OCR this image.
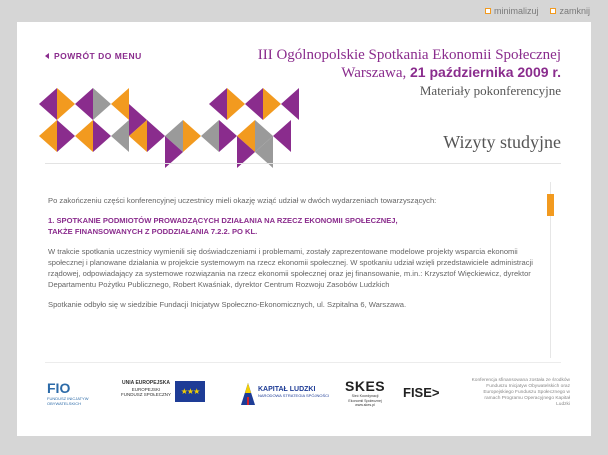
minimalizuj zamknij
POWRÓT DO MENU	III Ogólnopolskie Spotkania Ekonomii Społecznej
Warszawa, 21 października 2009 r.
Materiały pokonferencyjne
Wizyty studyjne

Po zakończeniu części konferencyjnej uczestnicy mieli okazję wziąć udział w dwóch wydarzeniach towarzyszących:

1. SPOTKANIE PODMIOTÓW PROWADZĄCYCH DZIAŁANIA NA RZECZ EKONOMII SPOŁECZNEJ,
TAKŻE FINANSOWANYCH Z PODDZIAŁANIA 7.2.2. PO KL.

W trakcie spotkania uczestnicy wymienili się doświadczeniami i problemami, zostały zaprezentowane modelowe projekty wsparcia ekonomii społecznej i planowane działania w projekcie systemowym na rzecz ekonomii społecznej. W spotkaniu udział wzięli przedstawiciele administracji rządowej, odpowiadający za systemowe rozwiązania na rzecz ekonomii społecznej oraz jej finansowanie, m.in.: Krzysztof Więckiewicz, dyrektor Departamentu Pożytku Publicznego, Robert Kwaśniak, dyrektor Centrum Rozwoju Zasobów Ludzkich

Spotkanie odbyło się w siedzibie Fundacji Inicjatyw Społeczno-Ekonomicznych, ul. Szpitalna 6, Warszawa.

FIO
FUNDUSZ INICJATYW
OBYWATELSKICH
UNIA EUROPEJSKA
EUROPEJSKI
FUNDUSZ SPOŁECZNY ★★★	KAPITAŁ LUDZKI
NARODOWA STRATEGIA SPÓJNOŚCI
SKES
Sieć Koordynacji
Ekonomii Społecznej
www.skes.pl
FISE>
Konferencja sfinansowana została ze środków Funduszu Inicjatyw Obywatelskich oraz Europejskiego Funduszu Społecznego w ramach Programu Operacyjnego Kapitał Ludzki
